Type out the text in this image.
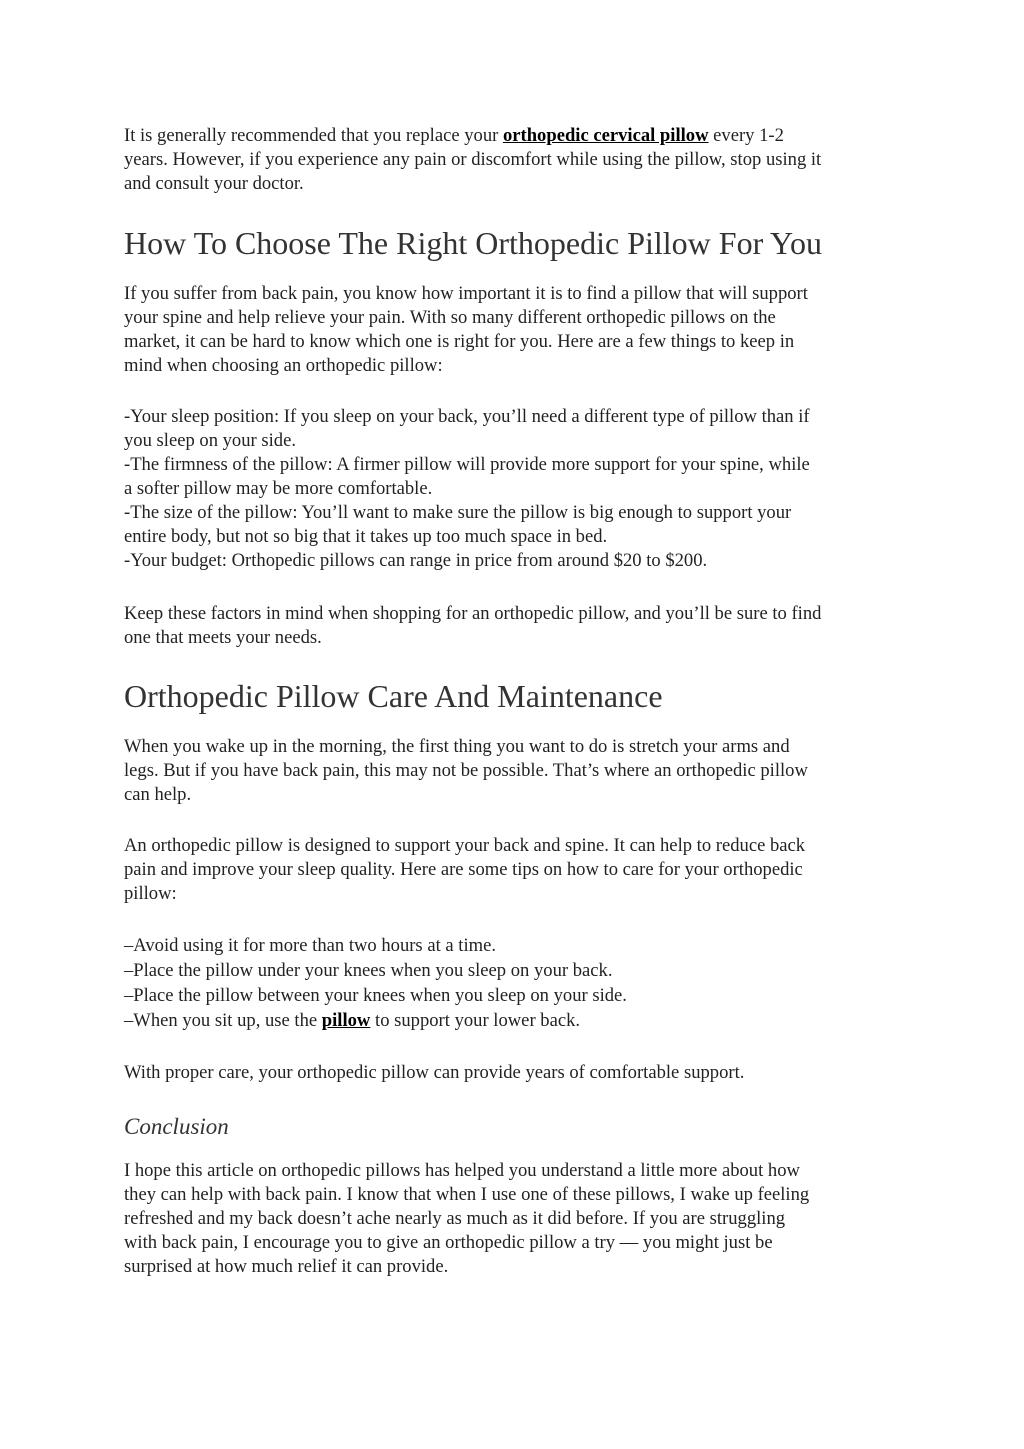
It is generally recommended that you replace your orthopedic cervical pillow every 1-2
years. However, if you experience any pain or discomfort while using the pillow, stop using it
and consult your doctor.

How To Choose The Right Orthopedic Pillow For You

If you suffer from back pain, you know how important it is to find a pillow that will support
your spine and help relieve your pain. With so many different orthopedic pillows on the
market, it can be hard to know which one is right for you. Here are a few things to keep in
mind when choosing an orthopedic pillow:

-Your sleep position: If you sleep on your back, you’ll need a different type of pillow than if
you sleep on your side.
-The firmness of the pillow: A firmer pillow will provide more support for your spine, while
a softer pillow may be more comfortable.
-The size of the pillow: You’ll want to make sure the pillow is big enough to support your
entire body, but not so big that it takes up too much space in bed.
-Your budget: Orthopedic pillows can range in price from around $20 to $200.

Keep these factors in mind when shopping for an orthopedic pillow, and you’ll be sure to find
one that meets your needs.

Orthopedic Pillow Care And Maintenance

When you wake up in the morning, the first thing you want to do is stretch your arms and
legs. But if you have back pain, this may not be possible. That’s where an orthopedic pillow
can help.

An orthopedic pillow is designed to support your back and spine. It can help to reduce back
pain and improve your sleep quality. Here are some tips on how to care for your orthopedic
pillow:

–Avoid using it for more than two hours at a time.
–Place the pillow under your knees when you sleep on your back.
–Place the pillow between your knees when you sleep on your side.
–When you sit up, use the pillow to support your lower back.

With proper care, your orthopedic pillow can provide years of comfortable support.

Conclusion

I hope this article on orthopedic pillows has helped you understand a little more about how
they can help with back pain. I know that when I use one of these pillows, I wake up feeling
refreshed and my back doesn’t ache nearly as much as it did before. If you are struggling
with back pain, I encourage you to give an orthopedic pillow a try — you might just be
surprised at how much relief it can provide.
